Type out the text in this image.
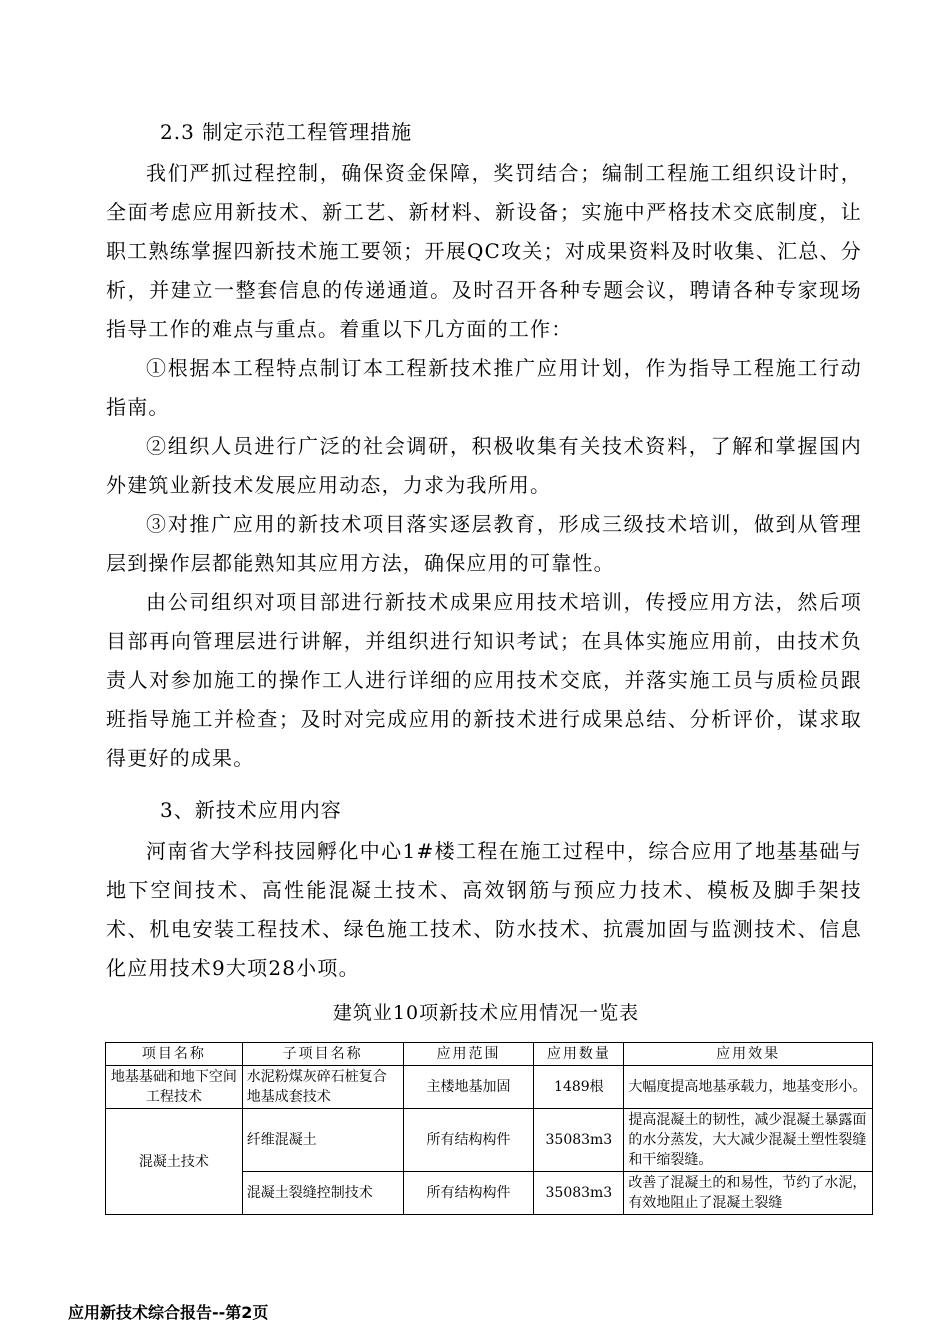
2.3 制定示范工程管理措施

我们严抓过程控制，确保资金保障，奖罚结合；编制工程施工组织设计时，全面考虑应用新技术、新工艺、新材料、新设备；实施中严格技术交底制度，让职工熟练掌握四新技术施工要领；开展QC攻关；对成果资料及时收集、汇总、分析，并建立一整套信息的传递通道。及时召开各种专题会议，聘请各种专家现场指导工作的难点与重点。着重以下几方面的工作：

①根据本工程特点制订本工程新技术推广应用计划，作为指导工程施工行动指南。

②组织人员进行广泛的社会调研，积极收集有关技术资料，了解和掌握国内外建筑业新技术发展应用动态，力求为我所用。

③对推广应用的新技术项目落实逐层教育，形成三级技术培训，做到从管理层到操作层都能熟知其应用方法，确保应用的可靠性。

由公司组织对项目部进行新技术成果应用技术培训，传授应用方法，然后项目部再向管理层进行讲解，并组织进行知识考试；在具体实施应用前，由技术负责人对参加施工的操作工人进行详细的应用技术交底，并落实施工员与质检员跟班指导施工并检查；及时对完成应用的新技术进行成果总结、分析评价，谋求取得更好的成果。

3、新技术应用内容

河南省大学科技园孵化中心1#楼工程在施工过程中，综合应用了地基基础与地下空间技术、高性能混凝土技术、高效钢筋与预应力技术、模板及脚手架技术、机电安装工程技术、绿色施工技术、防水技术、抗震加固与监测技术、信息化应用技术9大项28小项。

建筑业10项新技术应用情况一览表
项目名称	子项目名称	应用范围	应用数量	应用效果
地基基础和地下空间工程技术	水泥粉煤灰碎石桩复合地基成套技术	主楼地基加固	1489根	大幅度提高地基承载力，地基变形小。
混凝土技术	纤维混凝土	所有结构构件	35083m3	提高混凝土的韧性，减少混凝土暴露面的水分蒸发，大大减少混凝土塑性裂缝和干缩裂缝。
	混凝土裂缝控制技术	所有结构构件	35083m3	改善了混凝土的和易性，节约了水泥，有效地阻止了混凝土裂缝
应用新技术综合报告--第2页
